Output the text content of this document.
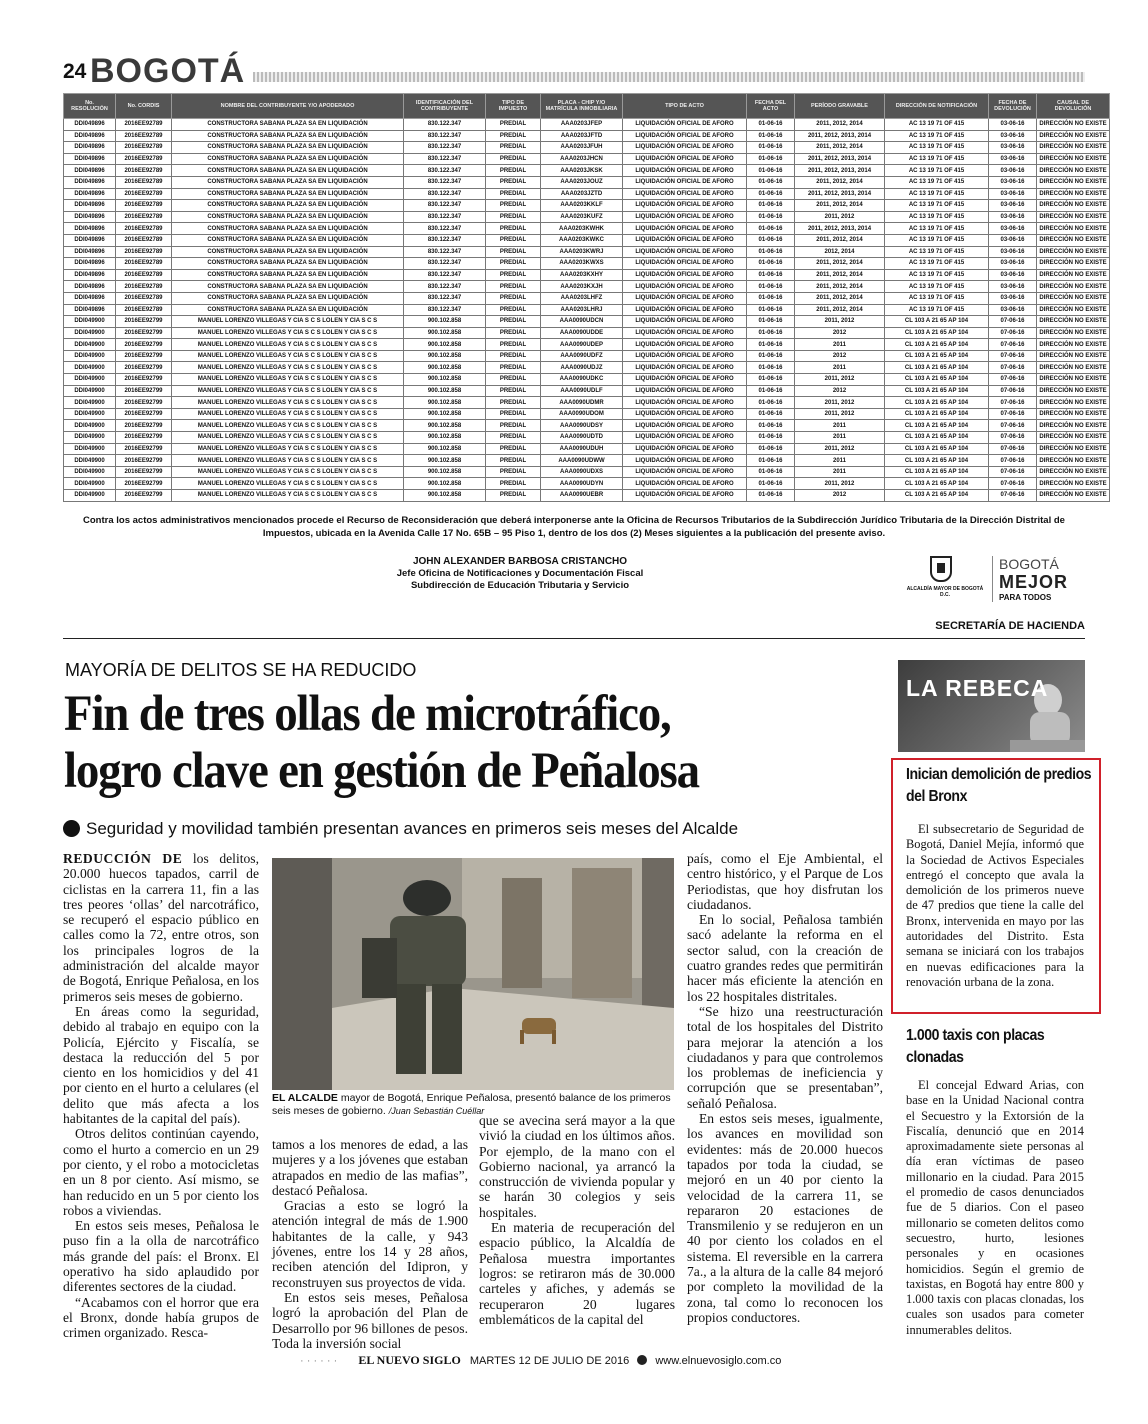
24 BOGOTÁ
No. RESOLUCIÓN	No. CORDIS	NOMBRE DEL CONTRIBUYENTE Y/O APODERADO	IDENTIFICACIÓN DEL CONTRIBUYENTE	TIPO DE IMPUESTO	PLACA - CHIP Y/O MATRÍCULA INMOBILIARIA	TIPO DE ACTO	FECHA DEL ACTO	PERÍODO GRAVABLE	DIRECCIÓN DE NOTIFICACIÓN	FECHA DE DEVOLUCIÓN	CAUSAL DE DEVOLUCIÓN
DDI049896	2016EE92789	CONSTRUCTORA SABANA PLAZA SA EN LIQUIDACIÓN	830.122.347	PREDIAL	AAA0203JFEP	LIQUIDACIÓN OFICIAL DE AFORO	01-06-16	2011, 2012, 2014	AC 13 19 71 OF 415	03-06-16	DIRECCIÓN NO EXISTE
DDI049896	2016EE92789	CONSTRUCTORA SABANA PLAZA SA EN LIQUIDACIÓN	830.122.347	PREDIAL	AAA0203JFTD	LIQUIDACIÓN OFICIAL DE AFORO	01-06-16	2011, 2012, 2013, 2014	AC 13 19 71 OF 415	03-06-16	DIRECCIÓN NO EXISTE
DDI049896	2016EE92789	CONSTRUCTORA SABANA PLAZA SA EN LIQUIDACIÓN	830.122.347	PREDIAL	AAA0203JFUH	LIQUIDACIÓN OFICIAL DE AFORO	01-06-16	2011, 2012, 2014	AC 13 19 71 OF 415	03-06-16	DIRECCIÓN NO EXISTE
DDI049896	2016EE92789	CONSTRUCTORA SABANA PLAZA SA EN LIQUIDACIÓN	830.122.347	PREDIAL	AAA0203JHCN	LIQUIDACIÓN OFICIAL DE AFORO	01-06-16	2011, 2012, 2013, 2014	AC 13 19 71 OF 415	03-06-16	DIRECCIÓN NO EXISTE
DDI049896	2016EE92789	CONSTRUCTORA SABANA PLAZA SA EN LIQUIDACIÓN	830.122.347	PREDIAL	AAA0203JKSK	LIQUIDACIÓN OFICIAL DE AFORO	01-06-16	2011, 2012, 2013, 2014	AC 13 19 71 OF 415	03-06-16	DIRECCIÓN NO EXISTE
DDI049896	2016EE92789	CONSTRUCTORA SABANA PLAZA SA EN LIQUIDACIÓN	830.122.347	PREDIAL	AAA0203JOUZ	LIQUIDACIÓN OFICIAL DE AFORO	01-06-16	2011, 2012, 2014	AC 13 19 71 OF 415	03-06-16	DIRECCIÓN NO EXISTE
DDI049896	2016EE92789	CONSTRUCTORA SABANA PLAZA SA EN LIQUIDACIÓN	830.122.347	PREDIAL	AAA0203JZTD	LIQUIDACIÓN OFICIAL DE AFORO	01-06-16	2011, 2012, 2013, 2014	AC 13 19 71 OF 415	03-06-16	DIRECCIÓN NO EXISTE
DDI049896	2016EE92789	CONSTRUCTORA SABANA PLAZA SA EN LIQUIDACIÓN	830.122.347	PREDIAL	AAA0203KKLF	LIQUIDACIÓN OFICIAL DE AFORO	01-06-16	2011, 2012, 2014	AC 13 19 71 OF 415	03-06-16	DIRECCIÓN NO EXISTE
DDI049896	2016EE92789	CONSTRUCTORA SABANA PLAZA SA EN LIQUIDACIÓN	830.122.347	PREDIAL	AAA0203KUFZ	LIQUIDACIÓN OFICIAL DE AFORO	01-06-16	2011, 2012	AC 13 19 71 OF 415	03-06-16	DIRECCIÓN NO EXISTE
DDI049896	2016EE92789	CONSTRUCTORA SABANA PLAZA SA EN LIQUIDACIÓN	830.122.347	PREDIAL	AAA0203KWHK	LIQUIDACIÓN OFICIAL DE AFORO	01-06-16	2011, 2012, 2013, 2014	AC 13 19 71 OF 415	03-06-16	DIRECCIÓN NO EXISTE
DDI049896	2016EE92789	CONSTRUCTORA SABANA PLAZA SA EN LIQUIDACIÓN	830.122.347	PREDIAL	AAA0203KWKC	LIQUIDACIÓN OFICIAL DE AFORO	01-06-16	2011, 2012, 2014	AC 13 19 71 OF 415	03-06-16	DIRECCIÓN NO EXISTE
DDI049896	2016EE92789	CONSTRUCTORA SABANA PLAZA SA EN LIQUIDACIÓN	830.122.347	PREDIAL	AAA0203KWRJ	LIQUIDACIÓN OFICIAL DE AFORO	01-06-16	2012, 2014	AC 13 19 71 OF 415	03-06-16	DIRECCIÓN NO EXISTE
DDI049896	2016EE92789	CONSTRUCTORA SABANA PLAZA SA EN LIQUIDACIÓN	830.122.347	PREDIAL	AAA0203KWXS	LIQUIDACIÓN OFICIAL DE AFORO	01-06-16	2011, 2012, 2014	AC 13 19 71 OF 415	03-06-16	DIRECCIÓN NO EXISTE
DDI049896	2016EE92789	CONSTRUCTORA SABANA PLAZA SA EN LIQUIDACIÓN	830.122.347	PREDIAL	AAA0203KXHY	LIQUIDACIÓN OFICIAL DE AFORO	01-06-16	2011, 2012, 2014	AC 13 19 71 OF 415	03-06-16	DIRECCIÓN NO EXISTE
DDI049896	2016EE92789	CONSTRUCTORA SABANA PLAZA SA EN LIQUIDACIÓN	830.122.347	PREDIAL	AAA0203KXJH	LIQUIDACIÓN OFICIAL DE AFORO	01-06-16	2011, 2012, 2014	AC 13 19 71 OF 415	03-06-16	DIRECCIÓN NO EXISTE
DDI049896	2016EE92789	CONSTRUCTORA SABANA PLAZA SA EN LIQUIDACIÓN	830.122.347	PREDIAL	AAA0203LHFZ	LIQUIDACIÓN OFICIAL DE AFORO	01-06-16	2011, 2012, 2014	AC 13 19 71 OF 415	03-06-16	DIRECCIÓN NO EXISTE
DDI049896	2016EE92789	CONSTRUCTORA SABANA PLAZA SA EN LIQUIDACIÓN	830.122.347	PREDIAL	AAA0203LHRJ	LIQUIDACIÓN OFICIAL DE AFORO	01-06-16	2011, 2012, 2014	AC 13 19 71 OF 415	03-06-16	DIRECCIÓN NO EXISTE
DDI049900	2016EE92799	MANUEL LORENZO VILLEGAS Y CIA S C S LOLEN Y CIA S C S	900.102.858	PREDIAL	AAA0090UDCN	LIQUIDACIÓN OFICIAL DE AFORO	01-06-16	2011, 2012	CL 103 A 21 65 AP 104	07-06-16	DIRECCIÓN NO EXISTE
DDI049900	2016EE92799	MANUEL LORENZO VILLEGAS Y CIA S C S LOLEN Y CIA S C S	900.102.858	PREDIAL	AAA0090UDDE	LIQUIDACIÓN OFICIAL DE AFORO	01-06-16	2012	CL 103 A 21 65 AP 104	07-06-16	DIRECCIÓN NO EXISTE
DDI049900	2016EE92799	MANUEL LORENZO VILLEGAS Y CIA S C S LOLEN Y CIA S C S	900.102.858	PREDIAL	AAA0090UDEP	LIQUIDACIÓN OFICIAL DE AFORO	01-06-16	2011	CL 103 A 21 65 AP 104	07-06-16	DIRECCIÓN NO EXISTE
DDI049900	2016EE92799	MANUEL LORENZO VILLEGAS Y CIA S C S LOLEN Y CIA S C S	900.102.858	PREDIAL	AAA0090UDFZ	LIQUIDACIÓN OFICIAL DE AFORO	01-06-16	2012	CL 103 A 21 65 AP 104	07-06-16	DIRECCIÓN NO EXISTE
DDI049900	2016EE92799	MANUEL LORENZO VILLEGAS Y CIA S C S LOLEN Y CIA S C S	900.102.858	PREDIAL	AAA0090UDJZ	LIQUIDACIÓN OFICIAL DE AFORO	01-06-16	2011	CL 103 A 21 65 AP 104	07-06-16	DIRECCIÓN NO EXISTE
DDI049900	2016EE92799	MANUEL LORENZO VILLEGAS Y CIA S C S LOLEN Y CIA S C S	900.102.858	PREDIAL	AAA0090UDKC	LIQUIDACIÓN OFICIAL DE AFORO	01-06-16	2011, 2012	CL 103 A 21 65 AP 104	07-06-16	DIRECCIÓN NO EXISTE
DDI049900	2016EE92799	MANUEL LORENZO VILLEGAS Y CIA S C S LOLEN Y CIA S C S	900.102.858	PREDIAL	AAA0090UDLF	LIQUIDACIÓN OFICIAL DE AFORO	01-06-16	2012	CL 103 A 21 65 AP 104	07-06-16	DIRECCIÓN NO EXISTE
DDI049900	2016EE92799	MANUEL LORENZO VILLEGAS Y CIA S C S LOLEN Y CIA S C S	900.102.858	PREDIAL	AAA0090UDMR	LIQUIDACIÓN OFICIAL DE AFORO	01-06-16	2011, 2012	CL 103 A 21 65 AP 104	07-06-16	DIRECCIÓN NO EXISTE
DDI049900	2016EE92799	MANUEL LORENZO VILLEGAS Y CIA S C S LOLEN Y CIA S C S	900.102.858	PREDIAL	AAA0090UDOM	LIQUIDACIÓN OFICIAL DE AFORO	01-06-16	2011, 2012	CL 103 A 21 65 AP 104	07-06-16	DIRECCIÓN NO EXISTE
DDI049900	2016EE92799	MANUEL LORENZO VILLEGAS Y CIA S C S LOLEN Y CIA S C S	900.102.858	PREDIAL	AAA0090UDSY	LIQUIDACIÓN OFICIAL DE AFORO	01-06-16	2011	CL 103 A 21 65 AP 104	07-06-16	DIRECCIÓN NO EXISTE
DDI049900	2016EE92799	MANUEL LORENZO VILLEGAS Y CIA S C S LOLEN Y CIA S C S	900.102.858	PREDIAL	AAA0090UDTD	LIQUIDACIÓN OFICIAL DE AFORO	01-06-16	2011	CL 103 A 21 65 AP 104	07-06-16	DIRECCIÓN NO EXISTE
DDI049900	2016EE92799	MANUEL LORENZO VILLEGAS Y CIA S C S LOLEN Y CIA S C S	900.102.858	PREDIAL	AAA0090UDUH	LIQUIDACIÓN OFICIAL DE AFORO	01-06-16	2011, 2012	CL 103 A 21 65 AP 104	07-06-16	DIRECCIÓN NO EXISTE
DDI049900	2016EE92799	MANUEL LORENZO VILLEGAS Y CIA S C S LOLEN Y CIA S C S	900.102.858	PREDIAL	AAA0090UDWW	LIQUIDACIÓN OFICIAL DE AFORO	01-06-16	2011	CL 103 A 21 65 AP 104	07-06-16	DIRECCIÓN NO EXISTE
DDI049900	2016EE92799	MANUEL LORENZO VILLEGAS Y CIA S C S LOLEN Y CIA S C S	900.102.858	PREDIAL	AAA0090UDXS	LIQUIDACIÓN OFICIAL DE AFORO	01-06-16	2011	CL 103 A 21 65 AP 104	07-06-16	DIRECCIÓN NO EXISTE
DDI049900	2016EE92799	MANUEL LORENZO VILLEGAS Y CIA S C S LOLEN Y CIA S C S	900.102.858	PREDIAL	AAA0090UDYN	LIQUIDACIÓN OFICIAL DE AFORO	01-06-16	2011, 2012	CL 103 A 21 65 AP 104	07-06-16	DIRECCIÓN NO EXISTE
DDI049900	2016EE92799	MANUEL LORENZO VILLEGAS Y CIA S C S LOLEN Y CIA S C S	900.102.858	PREDIAL	AAA0090UEBR	LIQUIDACIÓN OFICIAL DE AFORO	01-06-16	2012	CL 103 A 21 65 AP 104	07-06-16	DIRECCIÓN NO EXISTE
Contra los actos administrativos mencionados procede el Recurso de Reconsideración que deberá interponerse ante la Oficina de Recursos Tributarios de la Subdirección Jurídico Tributaria de la Dirección Distrital de Impuestos, ubicada en la Avenida Calle 17 No. 65B – 95 Piso 1, dentro de los dos (2) Meses siguientes a la publicación del presente aviso.
JOHN ALEXANDER BARBOSA CRISTANCHO
Jefe Oficina de Notificaciones y Documentación Fiscal
Subdirección de Educación Tributaria y Servicio	ALCALDÍA MAYOR DE BOGOTÁ D.C.
BOGOTÁ
MEJOR
PARA TODOS
SECRETARÍA DE HACIENDA
MAYORÍA DE DELITOS SE HA REDUCIDO
Fin de tres ollas de microtráfico,
logro clave en gestión de Peñalosa
Seguridad y movilidad también presentan avances en primeros seis meses del Alcalde

REDUCCIÓN DE los delitos, 20.000 huecos tapados, carril de ciclistas en la carrera 11, fin a las tres peores ‘ollas’ del narcotráfico, se recuperó el espacio público en calles como la 72, entre otros, son los principales logros de la administración del alcalde mayor de Bogotá, Enrique Peñalosa, en los primeros seis meses de gobierno.

En áreas como la seguridad, debido al trabajo en equipo con la Policía, Ejército y Fiscalía, se destaca la reducción del 5 por ciento en los homicidios y del 41 por ciento en el hurto a celulares (el delito que más afecta a los habitantes de la capital del país).

Otros delitos continúan cayendo, como el hurto a comercio en un 29 por ciento, y el robo a motocicletas en un 8 por ciento. Así mismo, se han reducido en un 5 por ciento los robos a viviendas.

En estos seis meses, Peñalosa le puso fin a la olla de narcotráfico más grande del país: el Bronx. El operativo ha sido aplaudido por diferentes sectores de la ciudad.

“Acabamos con el horror que era el Bronx, donde había grupos de crimen organizado. Resca-

EL ALCALDE mayor de Bogotá, Enrique Peñalosa, presentó balance de los primeros seis meses de gobierno. /Juan Sebastián Cuéllar

tamos a los menores de edad, a las mujeres y a los jóvenes que estaban atrapados en medio de las mafias”, destacó Peñalosa.

Gracias a esto se logró la atención integral de más de 1.900 habitantes de la calle, y 943 jóvenes, entre los 14 y 28 años, reciben atención del Idipron, y reconstruyen sus proyectos de vida.

En estos seis meses, Peñalosa logró la aprobación del Plan de Desarrollo por 96 billones de pesos. Toda la inversión social

que se avecina será mayor a la que vivió la ciudad en los últimos años. Por ejemplo, de la mano con el Gobierno nacional, ya arrancó la construcción de vivienda popular y se harán 30 colegios y seis hospitales.

En materia de recuperación del espacio público, la Alcaldía de Peñalosa muestra importantes logros: se retiraron más de 30.000 carteles y afiches, y además se recuperaron 20 lugares emblemáticos de la capital del

país, como el Eje Ambiental, el centro histórico, y el Parque de Los Periodistas, que hoy disfrutan los ciudadanos.

En lo social, Peñalosa también sacó adelante la reforma en el sector salud, con la creación de cuatro grandes redes que permitirán hacer más eficiente la atención en los 22 hospitales distritales.

“Se hizo una reestructuración total de los hospitales del Distrito para mejorar la atención a los ciudadanos y para que controlemos los problemas de ineficiencia y corrupción que se presentaban”, señaló Peñalosa.

En estos seis meses, igualmente, los avances en movilidad son evidentes: más de 20.000 huecos tapados por toda la ciudad, se mejoró en un 40 por ciento la velocidad de la carrera 11, se repararon 20 estaciones de Transmilenio y se redujeron en un 40 por ciento los colados en el sistema. El reversible en la carrera 7a., a la altura de la calle 84 mejoró por completo la movilidad de la zona, tal como lo reconocen los propios conductores.

LA REBECA
Inician demolición de predios del Bronx
El subsecretario de Seguridad de Bogotá, Daniel Mejía, informó que la Sociedad de Activos Especiales entregó el concepto que avala la demolición de los primeros nueve de 47 predios que tiene la calle del Bronx, intervenida en mayo por las autoridades del Distrito. Esta semana se iniciará con los trabajos en nuevas edificaciones para la renovación urbana de la zona.
1.000 taxis con placas clonadas
El concejal Edward Arias, con base en la Unidad Nacional contra el Secuestro y la Extorsión de la Fiscalía, denunció que en 2014 aproximadamente siete personas al día eran víctimas de paseo millonario en la ciudad. Para 2015 el promedio de casos denunciados fue de 5 diarios. Con el paseo millonario se cometen delitos como secuestro, hurto, lesiones personales y en ocasiones homicidios. Según el gremio de taxistas, en Bogotá hay entre 800 y 1.000 taxis con placas clonadas, los cuales son usados para cometer innumerables delitos.
· · · · · · EL NUEVO SIGLO MARTES 12 DE JULIO DE 2016 www.elnuevosiglo.com.co
